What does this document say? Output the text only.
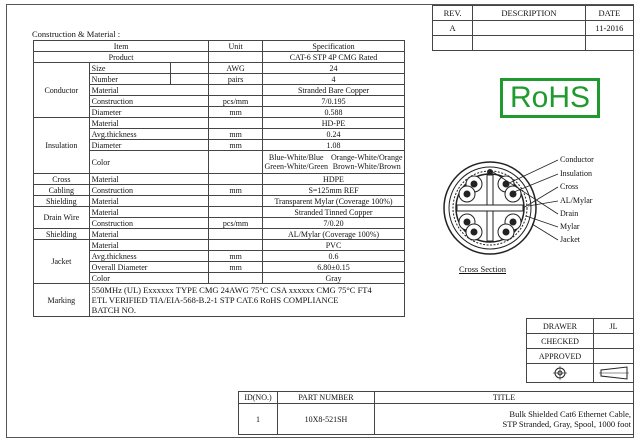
Construction & Material :
REV.	DESCRIPTION	DATE
A		11-2016

RoHS
Item			Unit	Specification
Product				CAT-6 STP 4P CMG Rated
Conductor	Size		AWG	24
	Number		pairs	4
	Material			Stranded Bare Copper
	Construction		pcs/mm	7/0.195
	Diameter		mm	0.588
Insulation	Material			HD-PE
	Avg.thickness		mm	0.24
	Diameter		mm	1.08
	Color			Blue-White/Blue
Green-White/Green
Orange-White/Orange
Brown-White/Brown

Cross	Material			HDPE
Cabling	Construction		mm	S=125mm REF
Shielding	Material			Transparent Mylar (Coverage 100%)
Drain Wire	Material			Stranded Tinned Copper
	Construction		pcs/mm	7/0.20
Shielding	Material			AL/Mylar (Coverage 100%)
Jacket	Material			PVC
	Avg.thickness		mm	0.6
	Overall Diameter		mm	6.80±0.15
	Color			Gray
Marking	550MHz (UL) Exxxxxx TYPE CMG 24AWG 75°C CSA xxxxxx CMG 75°C FT4
ETL VERIFIED TIA/EIA-568-B.2-1 STP CAT.6 RoHS COMPLIANCE
BATCH NO.			
Conductor
Insulation
Cross
AL/Mylar
Drain
Mylar
Jacket
Cross Section
DRAWER	JL
CHECKED	
APPROVED	

ID(NO.)	PART NUMBER	TITLE
1	10X8-521SH	Bulk Shielded Cat6 Ethernet Cable,
STP Stranded, Gray, Spool, 1000 foot
